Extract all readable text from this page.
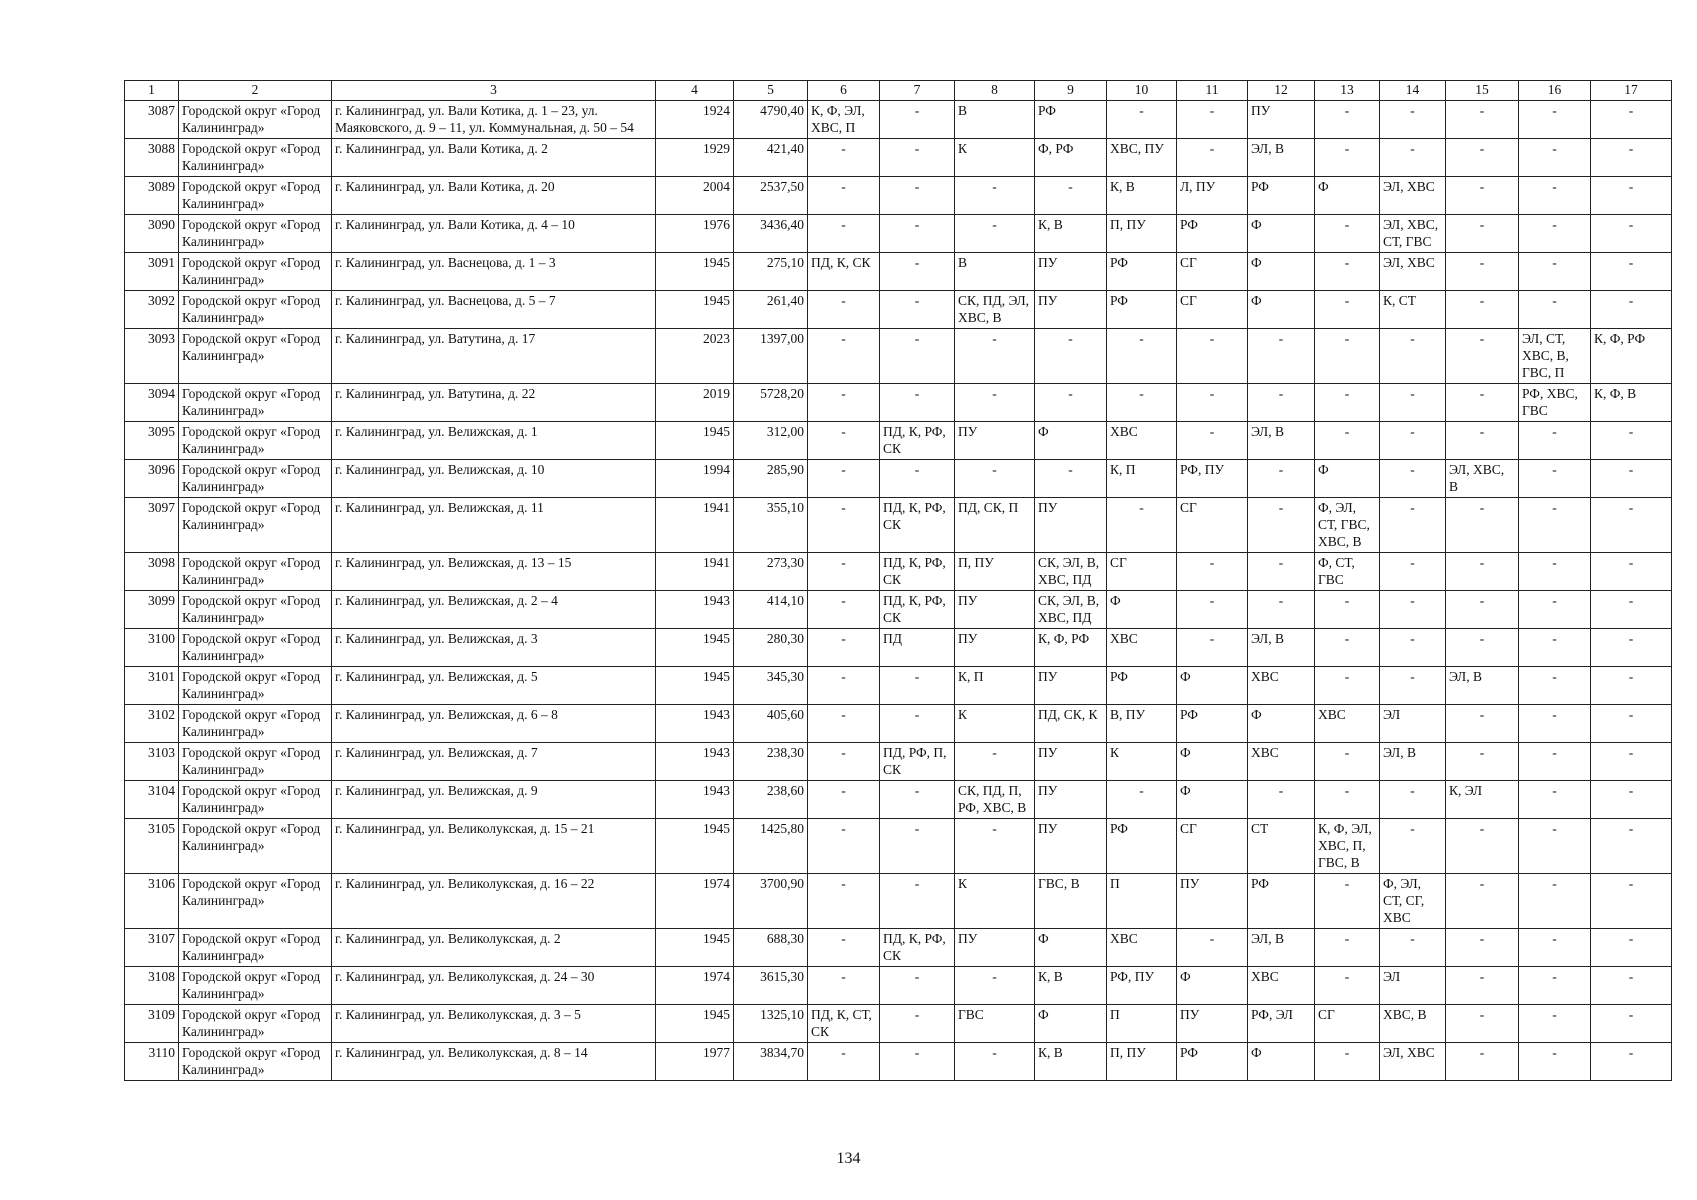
1	2	3	4	5	6	7	8	9	10	11	12	13	14	15	16	17
3087	Городской округ «Город Калининград»	г. Калининград, ул. Вали Котика, д. 1 – 23, ул. Маяковского, д. 9 – 11, ул. Коммунальная, д. 50 – 54	1924	4790,40	К, Ф, ЭЛ, ХВС, П	-	В	РФ	-	-	ПУ	-	-	-	-	-
3088	Городской округ «Город Калининград»	г. Калининград, ул. Вали Котика, д. 2	1929	421,40	-	-	К	Ф, РФ	ХВС, ПУ	-	ЭЛ, В	-	-	-	-	-
3089	Городской округ «Город Калининград»	г. Калининград, ул. Вали Котика, д. 20	2004	2537,50	-	-	-	-	К, В	Л, ПУ	РФ	Ф	ЭЛ, ХВС	-	-	-
3090	Городской округ «Город Калининград»	г. Калининград, ул. Вали Котика, д. 4 – 10	1976	3436,40	-	-	-	К, В	П, ПУ	РФ	Ф	-	ЭЛ, ХВС, СТ, ГВС	-	-	-
3091	Городской округ «Город Калининград»	г. Калининград, ул. Васнецова, д. 1 – 3	1945	275,10	ПД, К, СК	-	В	ПУ	РФ	СГ	Ф	-	ЭЛ, ХВС	-	-	-
3092	Городской округ «Город Калининград»	г. Калининград, ул. Васнецова, д. 5 – 7	1945	261,40	-	-	СК, ПД, ЭЛ, ХВС, В	ПУ	РФ	СГ	Ф	-	К, СТ	-	-	-
3093	Городской округ «Город Калининград»	г. Калининград, ул. Ватутина, д. 17	2023	1397,00	-	-	-	-	-	-	-	-	-	-	ЭЛ, СТ, ХВС, В, ГВС, П	К, Ф, РФ
3094	Городской округ «Город Калининград»	г. Калининград, ул. Ватутина, д. 22	2019	5728,20	-	-	-	-	-	-	-	-	-	-	РФ, ХВС, ГВС	К, Ф, В
3095	Городской округ «Город Калининград»	г. Калининград, ул. Велижская, д. 1	1945	312,00	-	ПД, К, РФ, СК	ПУ	Ф	ХВС	-	ЭЛ, В	-	-	-	-	-
3096	Городской округ «Город Калининград»	г. Калининград, ул. Велижская, д. 10	1994	285,90	-	-	-	-	К, П	РФ, ПУ	-	Ф	-	ЭЛ, ХВС, В	-	-
3097	Городской округ «Город Калининград»	г. Калининград, ул. Велижская, д. 11	1941	355,10	-	ПД, К, РФ, СК	ПД, СК, П	ПУ	-	СГ	-	Ф, ЭЛ, СТ, ГВС, ХВС, В	-	-	-	-
3098	Городской округ «Город Калининград»	г. Калининград, ул. Велижская, д. 13 – 15	1941	273,30	-	ПД, К, РФ, СК	П, ПУ	СК, ЭЛ, В, ХВС, ПД	СГ	-	-	Ф, СТ, ГВС	-	-	-	-
3099	Городской округ «Город Калининград»	г. Калининград, ул. Велижская, д. 2 – 4	1943	414,10	-	ПД, К, РФ, СК	ПУ	СК, ЭЛ, В, ХВС, ПД	Ф	-	-	-	-	-	-	-
3100	Городской округ «Город Калининград»	г. Калининград, ул. Велижская, д. 3	1945	280,30	-	ПД	ПУ	К, Ф, РФ	ХВС	-	ЭЛ, В	-	-	-	-	-
3101	Городской округ «Город Калининград»	г. Калининград, ул. Велижская, д. 5	1945	345,30	-	-	К, П	ПУ	РФ	Ф	ХВС	-	-	ЭЛ, В	-	-
3102	Городской округ «Город Калининград»	г. Калининград, ул. Велижская, д. 6 – 8	1943	405,60	-	-	К	ПД, СК, К	В, ПУ	РФ	Ф	ХВС	ЭЛ	-	-	-
3103	Городской округ «Город Калининград»	г. Калининград, ул. Велижская, д. 7	1943	238,30	-	ПД, РФ, П, СК	-	ПУ	К	Ф	ХВС	-	ЭЛ, В	-	-	-
3104	Городской округ «Город Калининград»	г. Калининград, ул. Велижская, д. 9	1943	238,60	-	-	СК, ПД, П, РФ, ХВС, В	ПУ	-	Ф	-	-	-	К, ЭЛ	-	-
3105	Городской округ «Город Калининград»	г. Калининград, ул. Великолукская, д. 15 – 21	1945	1425,80	-	-	-	ПУ	РФ	СГ	СТ	К, Ф, ЭЛ, ХВС, П, ГВС, В	-	-	-	-
3106	Городской округ «Город Калининград»	г. Калининград, ул. Великолукская, д. 16 – 22	1974	3700,90	-	-	К	ГВС, В	П	ПУ	РФ	-	Ф, ЭЛ, СТ, СГ, ХВС	-	-	-
3107	Городской округ «Город Калининград»	г. Калининград, ул. Великолукская, д. 2	1945	688,30	-	ПД, К, РФ, СК	ПУ	Ф	ХВС	-	ЭЛ, В	-	-	-	-	-
3108	Городской округ «Город Калининград»	г. Калининград, ул. Великолукская, д. 24 – 30	1974	3615,30	-	-	-	К, В	РФ, ПУ	Ф	ХВС	-	ЭЛ	-	-	-
3109	Городской округ «Город Калининград»	г. Калининград, ул. Великолукская, д. 3 – 5	1945	1325,10	ПД, К, СТ, СК	-	ГВС	Ф	П	ПУ	РФ, ЭЛ	СГ	ХВС, В	-	-	-
3110	Городской округ «Город Калининград»	г. Калининград, ул. Великолукская, д. 8 – 14	1977	3834,70	-	-	-	К, В	П, ПУ	РФ	Ф	-	ЭЛ, ХВС	-	-	-
134
